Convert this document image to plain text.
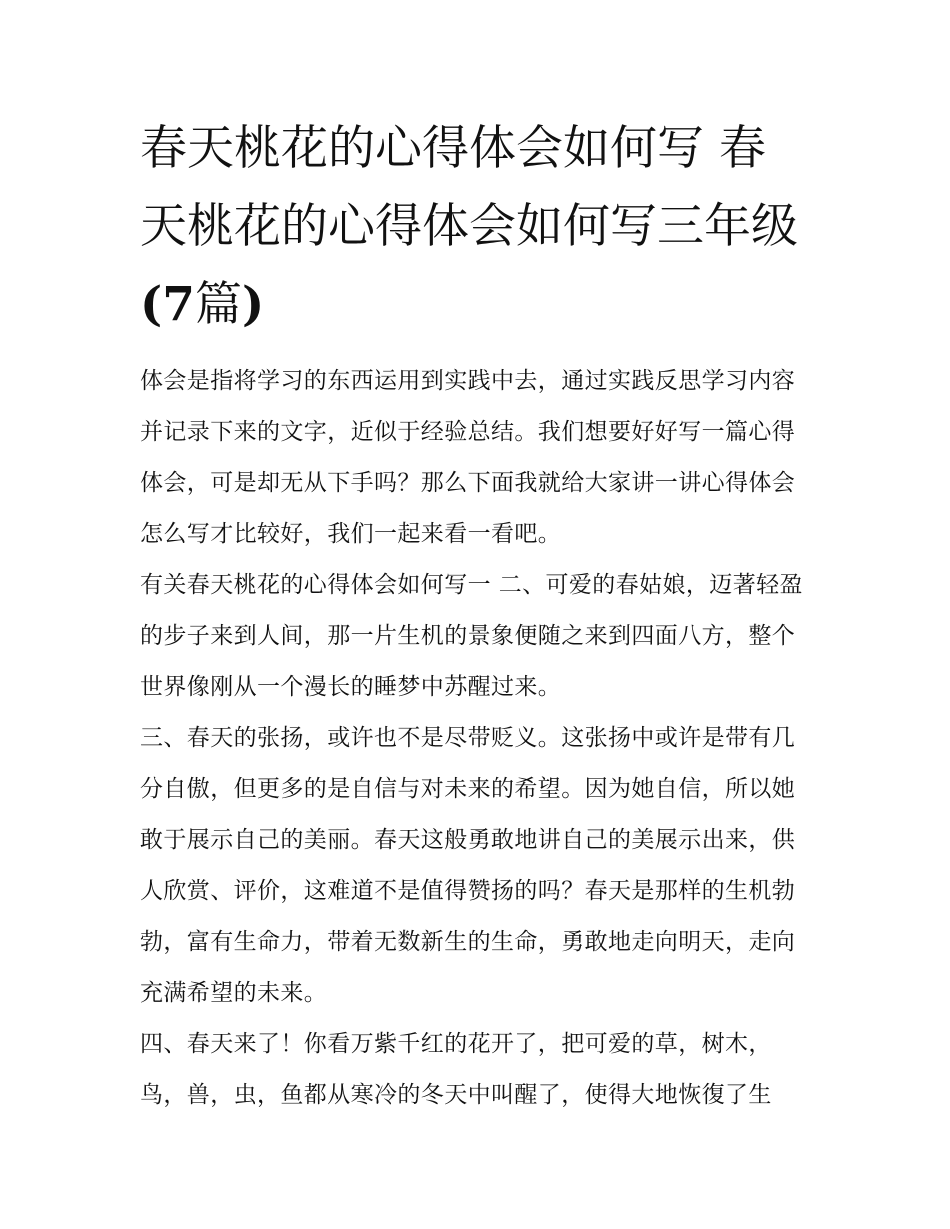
春天桃花的心得体会如何写 春天桃花的心得体会如何写三年级(7篇)

体会是指将学习的东西运用到实践中去，通过实践反思学习内容并记录下来的文字，近似于经验总结。我们想要好好写一篇心得体会，可是却无从下手吗？那么下面我就给大家讲一讲心得体会怎么写才比较好，我们一起来看一看吧。

有关春天桃花的心得体会如何写一 二、可爱的春姑娘，迈著轻盈的步子来到人间，那一片生机的景象便随之来到四面八方，整个世界像刚从一个漫长的睡梦中苏醒过来。

三、春天的张扬，或许也不是尽带贬义。这张扬中或许是带有几分自傲，但更多的是自信与对未来的希望。因为她自信，所以她敢于展示自己的美丽。春天这般勇敢地讲自己的美展示出来，供人欣赏、评价，这难道不是值得赞扬的吗？春天是那样的生机勃勃，富有生命力，带着无数新生的生命，勇敢地走向明天，走向充满希望的未来。

四、春天来了！你看万紫千红的花开了，把可爱的草，树木，鸟，兽，虫，鱼都从寒冷的冬天中叫醒了，使得大地恢復了生
